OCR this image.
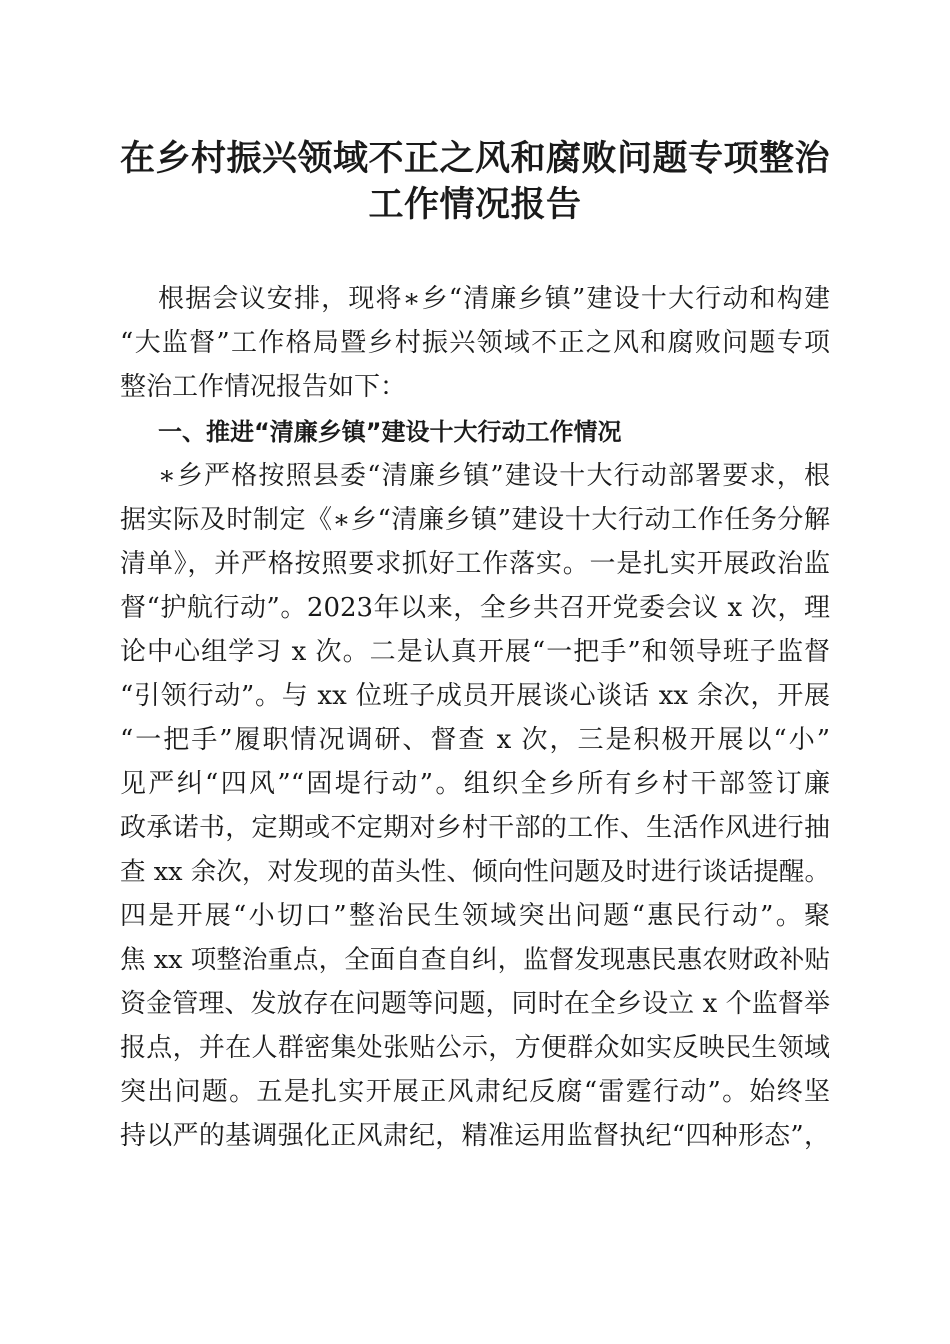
在乡村振兴领域不正之风和腐败问题专项整治
工作情况报告
根据会议安排，现将∗乡“清廉乡镇”建设十大行动和构建
“大监督”工作格局暨乡村振兴领域不正之风和腐败问题专项
整治工作情况报告如下：
一、推进“清廉乡镇”建设十大行动工作情况
∗乡严格按照县委“清廉乡镇”建设十大行动部署要求，根
据实际及时制定《∗乡“清廉乡镇”建设十大行动工作任务分解
清单》，并严格按照要求抓好工作落实。一是扎实开展政治监
督“护航行动”。2023年以来，全乡共召开党委会议 x 次，理
论中心组学习 x 次。二是认真开展“一把手”和领导班子监督
“引领行动”。与 xx 位班子成员开展谈心谈话 xx 余次，开展
“一把手”履职情况调研、督查 x 次，三是积极开展以“小”
见严纠“四风”“固堤行动”。组织全乡所有乡村干部签订廉
政承诺书，定期或不定期对乡村干部的工作、生活作风进行抽
查 xx 余次，对发现的苗头性、倾向性问题及时进行谈话提醒。
四是开展“小切口”整治民生领域突出问题“惠民行动”。聚
焦 xx 项整治重点，全面自查自纠，监督发现惠民惠农财政补贴
资金管理、发放存在问题等问题，同时在全乡设立 x 个监督举
报点，并在人群密集处张贴公示，方便群众如实反映民生领域
突出问题。五是扎实开展正风肃纪反腐“雷霆行动”。始终坚
持以严的基调强化正风肃纪，精准运用监督执纪“四种形态”，
